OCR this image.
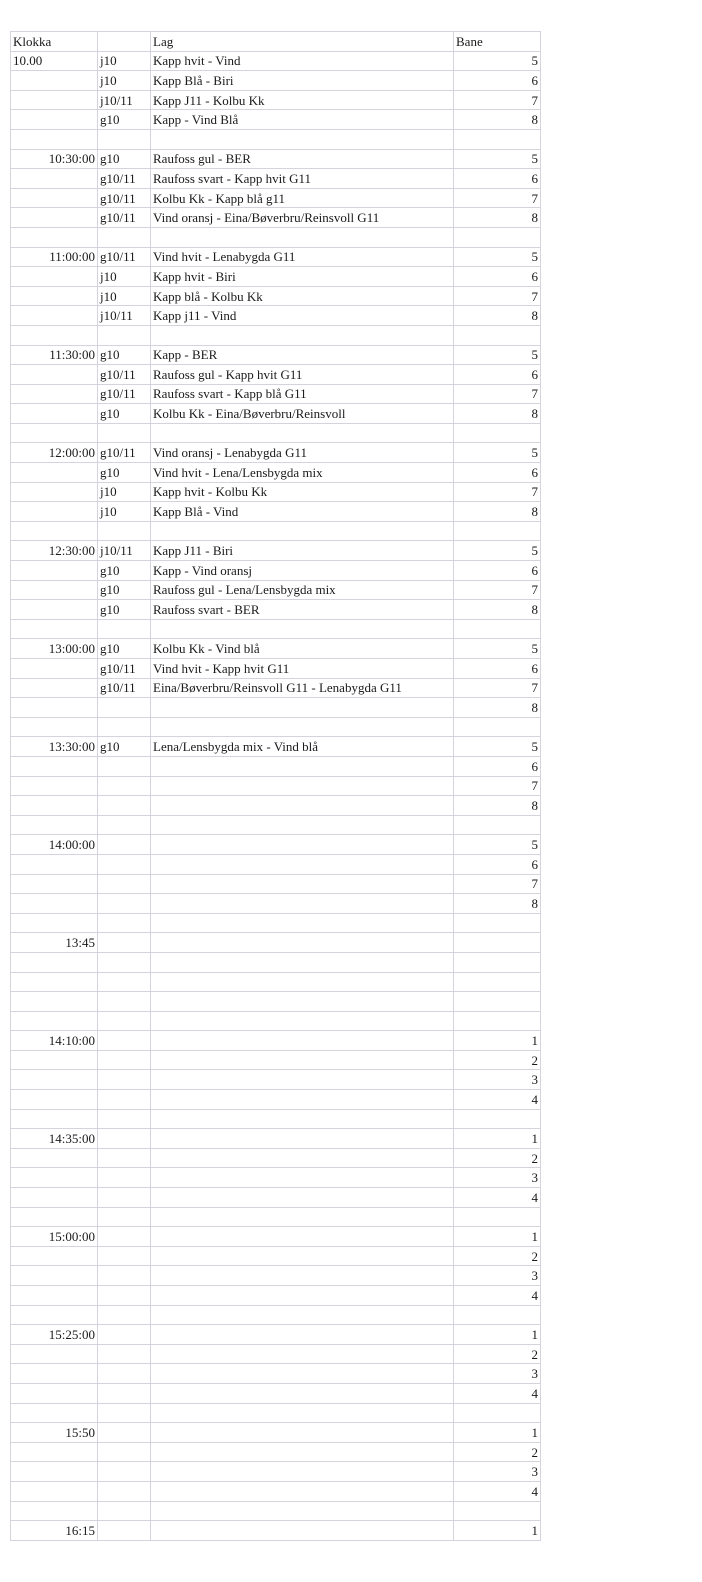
Klokka		Lag	Bane
10.00	j10	Kapp hvit - Vind	5
	j10	Kapp Blå - Biri	6
	j10/11	Kapp J11 - Kolbu Kk	7
	g10	Kapp - Vind Blå	8

10:30:00	g10	Raufoss gul - BER	5
	g10/11	Raufoss svart - Kapp hvit G11	6
	g10/11	Kolbu Kk - Kapp blå g11	7
	g10/11	Vind oransj - Eina/Bøverbru/Reinsvoll G11	8

11:00:00	g10/11	Vind hvit - Lenabygda G11	5
	j10	Kapp hvit - Biri	6
	j10	Kapp blå - Kolbu Kk	7
	j10/11	Kapp j11 - Vind	8

11:30:00	g10	Kapp - BER	5
	g10/11	Raufoss gul - Kapp hvit G11	6
	g10/11	Raufoss svart - Kapp blå G11	7
	g10	Kolbu Kk - Eina/Bøverbru/Reinsvoll	8

12:00:00	g10/11	Vind oransj - Lenabygda G11	5
	g10	Vind hvit - Lena/Lensbygda mix	6
	j10	Kapp hvit - Kolbu Kk	7
	j10	Kapp Blå - Vind	8

12:30:00	j10/11	Kapp J11 - Biri	5
	g10	Kapp - Vind oransj	6
	g10	Raufoss gul - Lena/Lensbygda mix	7
	g10	Raufoss svart - BER	8

13:00:00	g10	Kolbu Kk - Vind blå	5
	g10/11	Vind hvit - Kapp hvit G11	6
	g10/11	Eina/Bøverbru/Reinsvoll G11 - Lenabygda G11	7
			8

13:30:00	g10	Lena/Lensbygda mix - Vind blå	5
			6
			7
			8

14:00:00			5
			6
			7
			8

13:45			

14:10:00			1
			2
			3
			4

14:35:00			1
			2
			3
			4

15:00:00			1
			2
			3
			4

15:25:00			1
			2
			3
			4

15:50			1
			2
			3
			4

16:15			1
